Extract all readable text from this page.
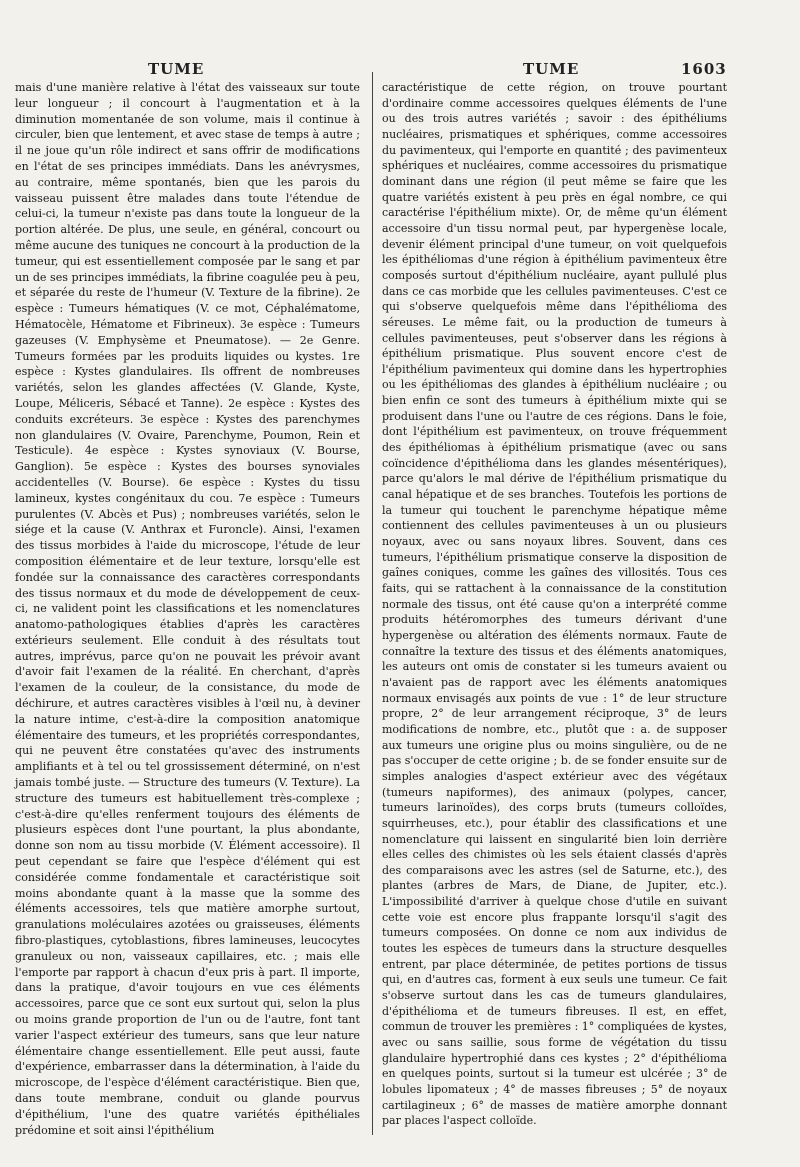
TUME	TUME	1603

mais d'une manière relative à l'état des vaisseaux sur toute leur longueur ; il concourt à l'augmentation et à la diminution momentanée de son volume, mais il continue à circuler, bien que lentement, et avec stase de temps à autre ; il ne joue qu'un rôle indirect et sans offrir de modifications en l'état de ses principes immédiats. Dans les anévrysmes, au contraire, même spontanés, bien que les parois du vaisseau puissent être malades dans toute l'étendue de celui-ci, la tumeur n'existe pas dans toute la longueur de la portion altérée. De plus, une seule, en général, concourt ou même aucune des tuniques ne concourt à la production de la tumeur, qui est essentiellement composée par le sang et par un de ses principes immédiats, la fibrine coagulée peu à peu, et séparée du reste de l'humeur (V. Texture de la fibrine). 2e espèce : Tumeurs hématiques (V. ce mot, Céphalématome, Hématocèle, Hématome et Fibrineux). 3e espèce : Tumeurs gazeuses (V. Emphysème et Pneumatose). — 2e Genre. Tumeurs formées par les produits liquides ou kystes. 1re espèce : Kystes glandulaires. Ils offrent de nombreuses variétés, selon les glandes affectées (V. Glande, Kyste, Loupe, Méliceris, Sébacé et Tanne). 2e espèce : Kystes des conduits excréteurs. 3e espèce : Kystes des parenchymes non glandulaires (V. Ovaire, Parenchyme, Poumon, Rein et Testicule). 4e espèce : Kystes synoviaux (V. Bourse, Ganglion). 5e espèce : Kystes des bourses synoviales accidentelles (V. Bourse). 6e espèce : Kystes du tissu lamineux, kystes congénitaux du cou. 7e espèce : Tumeurs purulentes (V. Abcès et Pus) ; nombreuses variétés, selon le siége et la cause (V. Anthrax et Furoncle). Ainsi, l'examen des tissus morbides à l'aide du microscope, l'étude de leur composition élémentaire et de leur texture, lorsqu'elle est fondée sur la connaissance des caractères correspondants des tissus normaux et du mode de développement de ceux-ci, ne valident point les classifications et les nomenclatures anatomo-pathologiques établies d'après les caractères extérieurs seulement. Elle conduit à des résultats tout autres, imprévus, parce qu'on ne pouvait les prévoir avant d'avoir fait l'examen de la réalité. En cherchant, d'après l'examen de la couleur, de la consistance, du mode de déchirure, et autres caractères visibles à l'œil nu, à deviner la nature intime, c'est-à-dire la composition anatomique élémentaire des tumeurs, et les propriétés correspondantes, qui ne peuvent être constatées qu'avec des instruments amplifiants et à tel ou tel grossissement déterminé, on n'est jamais tombé juste. — Structure des tumeurs (V. Texture). La structure des tumeurs est habituellement très-complexe ; c'est-à-dire qu'elles renferment toujours des éléments de plusieurs espèces dont l'une pourtant, la plus abondante, donne son nom au tissu morbide (V. Élément accessoire). Il peut cependant se faire que l'espèce d'élément qui est considérée comme fondamentale et caractéristique soit moins abondante quant à la masse que la somme des éléments accessoires, tels que matière amorphe surtout, granulations moléculaires azotées ou graisseuses, éléments fibro-plastiques, cytoblastions, fibres lamineuses, leucocytes granuleux ou non, vaisseaux capillaires, etc. ; mais elle l'emporte par rapport à chacun d'eux pris à part. Il importe, dans la pratique, d'avoir toujours en vue ces éléments accessoires, parce que ce sont eux surtout qui, selon la plus ou moins grande proportion de l'un ou de l'autre, font tant varier l'aspect extérieur des tumeurs, sans que leur nature élémentaire change essentiellement. Elle peut aussi, faute d'expérience, embarrasser dans la détermination, à l'aide du microscope, de l'espèce d'élément caractéristique. Bien que, dans toute membrane, conduit ou glande pourvus d'épithélium, l'une des quatre variétés épithéliales prédomine et soit ainsi l'épithélium

caractéristique de cette région, on trouve pourtant d'ordinaire comme accessoires quelques éléments de l'une ou des trois autres variétés ; savoir : des épithéliums nucléaires, prismatiques et sphériques, comme accessoires du pavimenteux, qui l'emporte en quantité ; des pavimenteux sphériques et nucléaires, comme accessoires du prismatique dominant dans une région (il peut même se faire que les quatre variétés existent à peu près en égal nombre, ce qui caractérise l'épithélium mixte). Or, de même qu'un élément accessoire d'un tissu normal peut, par hypergenèse locale, devenir élément principal d'une tumeur, on voit quelquefois les épithéliomas d'une région à épithélium pavimenteux être composés surtout d'épithélium nucléaire, ayant pullulé plus dans ce cas morbide que les cellules pavimenteuses. C'est ce qui s'observe quelquefois même dans l'épithélioma des séreuses. Le même fait, ou la production de tumeurs à cellules pavimenteuses, peut s'observer dans les régions à épithélium prismatique. Plus souvent encore c'est de l'épithélium pavimenteux qui domine dans les hypertrophies ou les épithéliomas des glandes à épithélium nucléaire ; ou bien enfin ce sont des tumeurs à épithélium mixte qui se produisent dans l'une ou l'autre de ces régions. Dans le foie, dont l'épithélium est pavimenteux, on trouve fréquemment des épithéliomas à épithélium prismatique (avec ou sans coïncidence d'épithélioma dans les glandes mésentériques), parce qu'alors le mal dérive de l'épithélium prismatique du canal hépatique et de ses branches. Toutefois les portions de la tumeur qui touchent le parenchyme hépatique même contiennent des cellules pavimenteuses à un ou plusieurs noyaux, avec ou sans noyaux libres. Souvent, dans ces tumeurs, l'épithélium prismatique conserve la disposition de gaînes coniques, comme les gaînes des villosités. Tous ces faits, qui se rattachent à la connaissance de la constitution normale des tissus, ont été cause qu'on a interprété comme produits hétéromorphes des tumeurs dérivant d'une hypergenèse ou altération des éléments normaux. Faute de connaître la texture des tissus et des éléments anatomiques, les auteurs ont omis de constater si les tumeurs avaient ou n'avaient pas de rapport avec les éléments anatomiques normaux envisagés aux points de vue : 1° de leur structure propre, 2° de leur arrangement réciproque, 3° de leurs modifications de nombre, etc., plutôt que : a. de supposer aux tumeurs une origine plus ou moins singulière, ou de ne pas s'occuper de cette origine ; b. de se fonder ensuite sur de simples analogies d'aspect extérieur avec des végétaux (tumeurs napiformes), des animaux (polypes, cancer, tumeurs larinoïdes), des corps bruts (tumeurs colloïdes, squirrheuses, etc.), pour établir des classifications et une nomenclature qui laissent en singularité bien loin derrière elles celles des chimistes où les sels étaient classés d'après des comparaisons avec les astres (sel de Saturne, etc.), des plantes (arbres de Mars, de Diane, de Jupiter, etc.). L'impossibilité d'arriver à quelque chose d'utile en suivant cette voie est encore plus frappante lorsqu'il s'agit des tumeurs composées. On donne ce nom aux individus de toutes les espèces de tumeurs dans la structure desquelles entrent, par place déterminée, de petites portions de tissus qui, en d'autres cas, forment à eux seuls une tumeur. Ce fait s'observe surtout dans les cas de tumeurs glandulaires, d'épithélioma et de tumeurs fibreuses. Il est, en effet, commun de trouver les premières : 1° compliquées de kystes, avec ou sans saillie, sous forme de végétation du tissu glandulaire hypertrophié dans ces kystes ; 2° d'épithélioma en quelques points, surtout si la tumeur est ulcérée ; 3° de lobules lipomateux ; 4° de masses fibreuses ; 5° de noyaux cartilagineux ; 6° de masses de matière amorphe donnant par places l'aspect colloïde.
